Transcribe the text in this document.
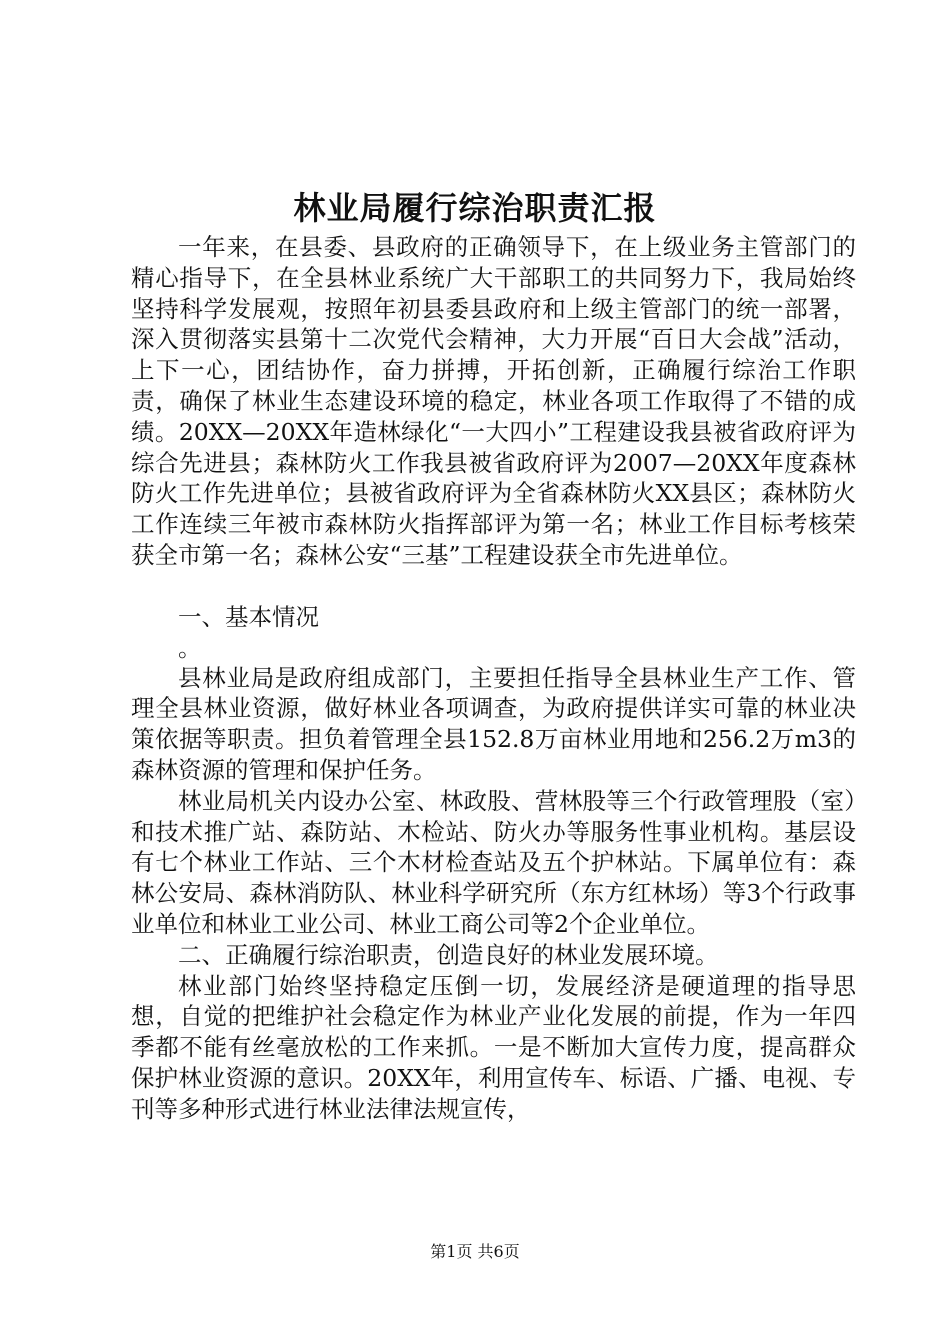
林业局履行综治职责汇报

一年来，在县委、县政府的正确领导下，在上级业务主管部门的精心指导下，在全县林业系统广大干部职工的共同努力下，我局始终坚持科学发展观，按照年初县委县政府和上级主管部门的统一部署，深入贯彻落实县第十二次党代会精神，大力开展“百日大会战”活动，上下一心，团结协作，奋力拼搏，开拓创新，正确履行综治工作职责，确保了林业生态建设环境的稳定，林业各项工作取得了不错的成绩。20XX—20XX年造林绿化“一大四小”工程建设我县被省政府评为综合先进县；森林防火工作我县被省政府评为2007—20XX年度森林防火工作先进单位；县被省政府评为全省森林防火XX县区；森林防火工作连续三年被市森林防火指挥部评为第一名；林业工作目标考核荣获全市第一名；森林公安“三基”工程建设获全市先进单位。

一、基本情况

。

县林业局是政府组成部门，主要担任指导全县林业生产工作、管理全县林业资源，做好林业各项调查，为政府提供详实可靠的林业决策依据等职责。担负着管理全县152.8万亩林业用地和256.2万m3的森林资源的管理和保护任务。

林业局机关内设办公室、林政股、营林股等三个行政管理股（室）和技术推广站、森防站、木检站、防火办等服务性事业机构。基层设有七个林业工作站、三个木材检查站及五个护林站。下属单位有：森林公安局、森林消防队、林业科学研究所（东方红林场）等3个行政事业单位和林业工业公司、林业工商公司等2个企业单位。

二、正确履行综治职责，创造良好的林业发展环境。

林业部门始终坚持稳定压倒一切，发展经济是硬道理的指导思想，自觉的把维护社会稳定作为林业产业化发展的前提，作为一年四季都不能有丝毫放松的工作来抓。一是不断加大宣传力度，提高群众保护林业资源的意识。20XX年，利用宣传车、标语、广播、电视、专刊等多种形式进行林业法律法规宣传，

第1页 共6页
